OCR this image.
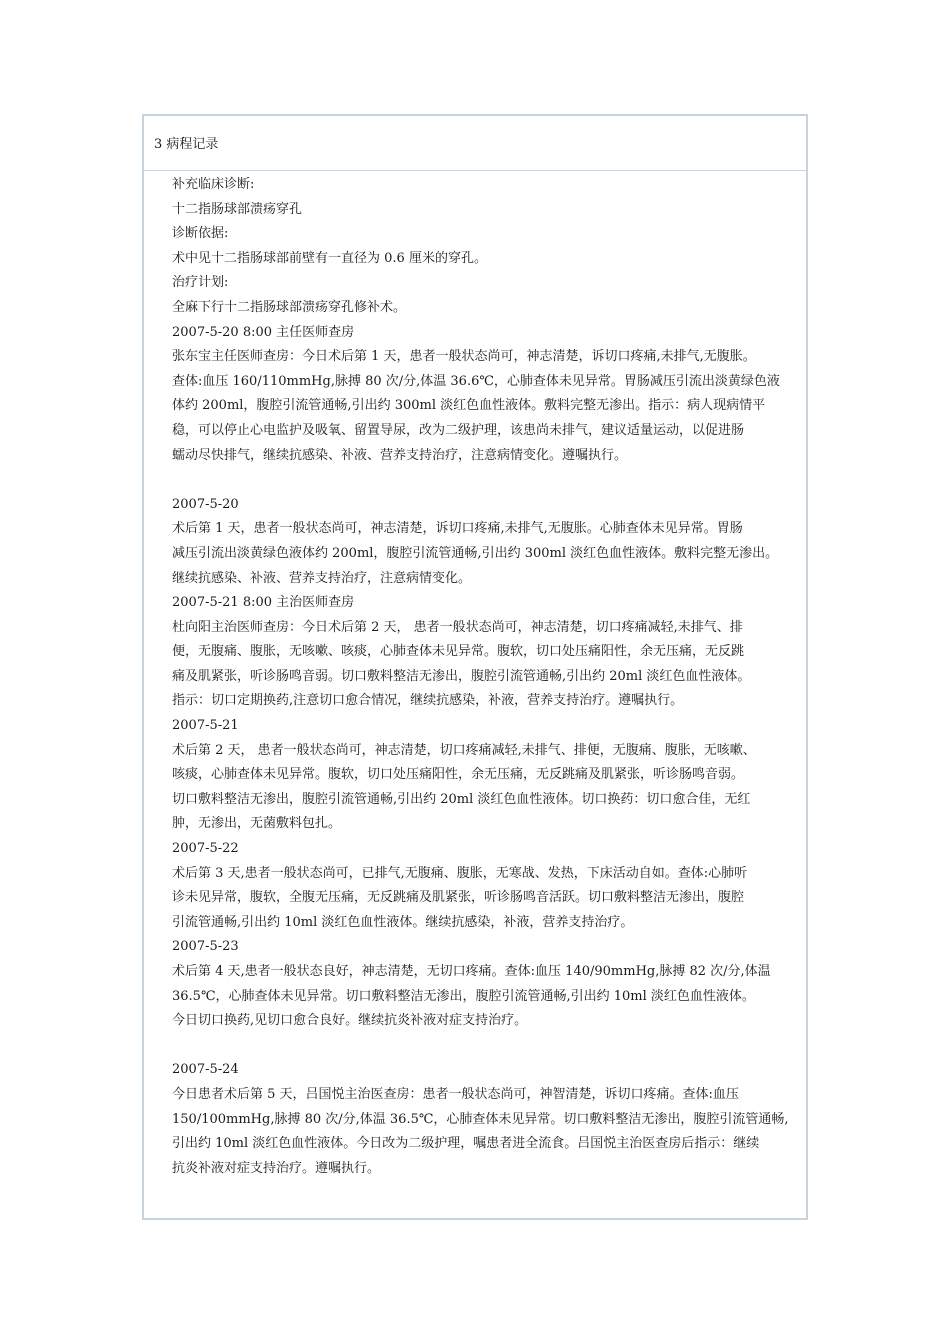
3 病程记录
补充临床诊断:
十二指肠球部溃疡穿孔
诊断依据:
术中见十二指肠球部前壁有一直径为 0.6 厘米的穿孔。
治疗计划:
全麻下行十二指肠球部溃疡穿孔修补术。
2007-5-20 8:00 主任医师查房
张东宝主任医师查房：今日术后第 1 天，患者一般状态尚可，神志清楚，诉切口疼痛,未排气,无腹胀。
查体:血压 160/110mmHg,脉搏 80 次/分,体温 36.6℃，心肺查体未见异常。胃肠减压引流出淡黄绿色液
体约 200ml，腹腔引流管通畅,引出约 300ml 淡红色血性液体。敷料完整无渗出。指示：病人现病情平
稳，可以停止心电监护及吸氧、留置导尿，改为二级护理，该患尚未排气，建议适量运动，以促进肠
蠕动尽快排气，继续抗感染、补液、营养支持治疗，注意病情变化。遵嘱执行。
2007-5-20
术后第 1 天，患者一般状态尚可，神志清楚，诉切口疼痛,未排气,无腹胀。心肺查体未见异常。胃肠
减压引流出淡黄绿色液体约 200ml，腹腔引流管通畅,引出约 300ml 淡红色血性液体。敷料完整无渗出。
继续抗感染、补液、营养支持治疗，注意病情变化。
2007-5-21 8:00 主治医师查房
杜向阳主治医师查房：今日术后第 2 天， 患者一般状态尚可，神志清楚，切口疼痛减轻,未排气、排
便，无腹痛、腹胀，无咳嗽、咳痰，心肺查体未见异常。腹软，切口处压痛阳性，余无压痛，无反跳
痛及肌紧张，听诊肠鸣音弱。切口敷料整洁无渗出，腹腔引流管通畅,引出约 20ml 淡红色血性液体。
指示：切口定期换药,注意切口愈合情况，继续抗感染，补液，营养支持治疗。遵嘱执行。
2007-5-21
术后第 2 天， 患者一般状态尚可，神志清楚，切口疼痛减轻,未排气、排便，无腹痛、腹胀，无咳嗽、
咳痰，心肺查体未见异常。腹软，切口处压痛阳性，余无压痛，无反跳痛及肌紧张，听诊肠鸣音弱。
切口敷料整洁无渗出，腹腔引流管通畅,引出约 20ml 淡红色血性液体。切口换药：切口愈合佳，无红
肿，无渗出，无菌敷料包扎。
2007-5-22
术后第 3 天,患者一般状态尚可，已排气,无腹痛、腹胀，无寒战、发热，下床活动自如。查体:心肺听
诊未见异常，腹软，全腹无压痛，无反跳痛及肌紧张，听诊肠鸣音活跃。切口敷料整洁无渗出，腹腔
引流管通畅,引出约 10ml 淡红色血性液体。继续抗感染，补液，营养支持治疗。
2007-5-23
术后第 4 天,患者一般状态良好，神志清楚，无切口疼痛。查体:血压 140/90mmHg,脉搏 82 次/分,体温
36.5℃，心肺查体未见异常。切口敷料整洁无渗出，腹腔引流管通畅,引出约 10ml 淡红色血性液体。
今日切口换药,见切口愈合良好。继续抗炎补液对症支持治疗。
2007-5-24
今日患者术后第 5 天，吕国悦主治医查房：患者一般状态尚可，神智清楚，诉切口疼痛。查体:血压
150/100mmHg,脉搏 80 次/分,体温 36.5℃，心肺查体未见异常。切口敷料整洁无渗出，腹腔引流管通畅,
引出约 10ml 淡红色血性液体。今日改为二级护理，嘱患者进全流食。吕国悦主治医查房后指示：继续
抗炎补液对症支持治疗。遵嘱执行。
